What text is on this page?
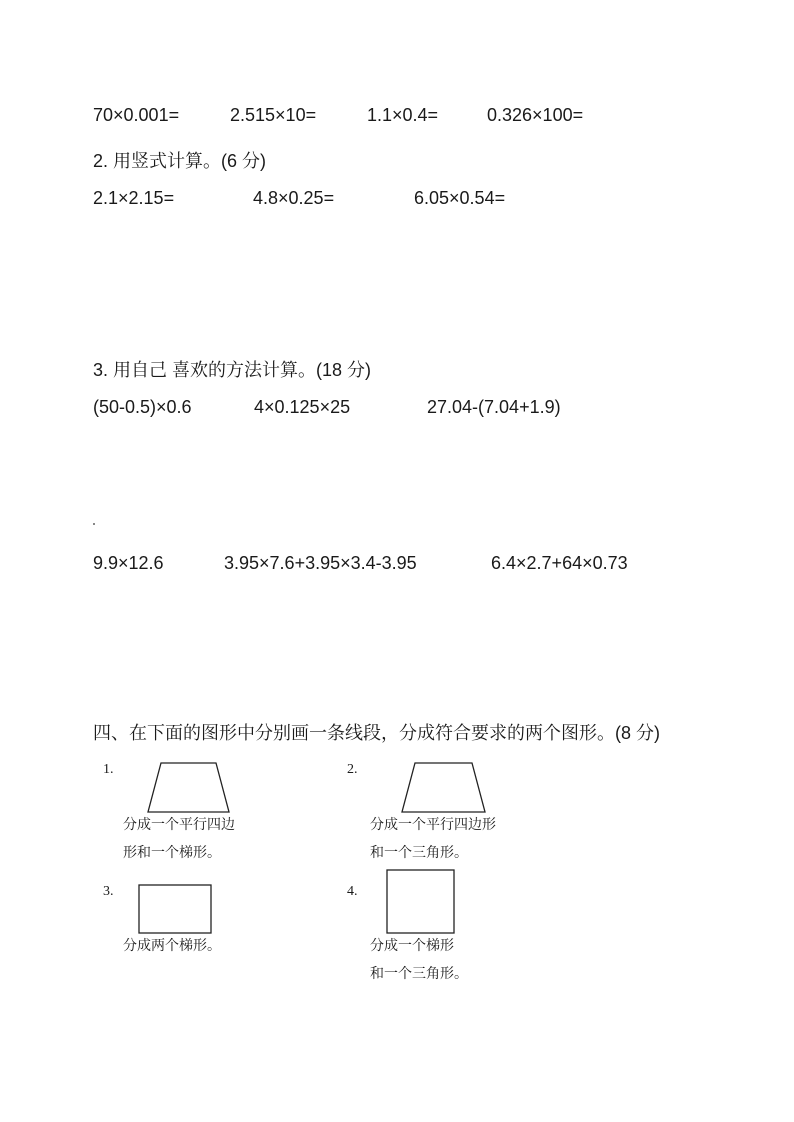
70×0.001=	2.515×10=	1.1×0.4=	0.326×100=
2. 用竖式计算。(6 分)
2.1×2.15=	4.8×0.25=	6.05×0.54=
3. 用自己 喜欢的方法计算。(18 分)
(50-0.5)×0.6	4×0.125×25	27.04-(7.04+1.9)
9.9×12.6	3.95×7.6+3.95×3.4-3.95	6.4×2.7+64×0.73
四、在下面的图形中分别画一条线段，分成符合要求的两个图形。(8 分)
1.
分成一个平行四边
形和一个梯形。
2.
分成一个平行四边形
和一个三角形。
3.
分成两个梯形。
4.
分成一个梯形
和一个三角形。
